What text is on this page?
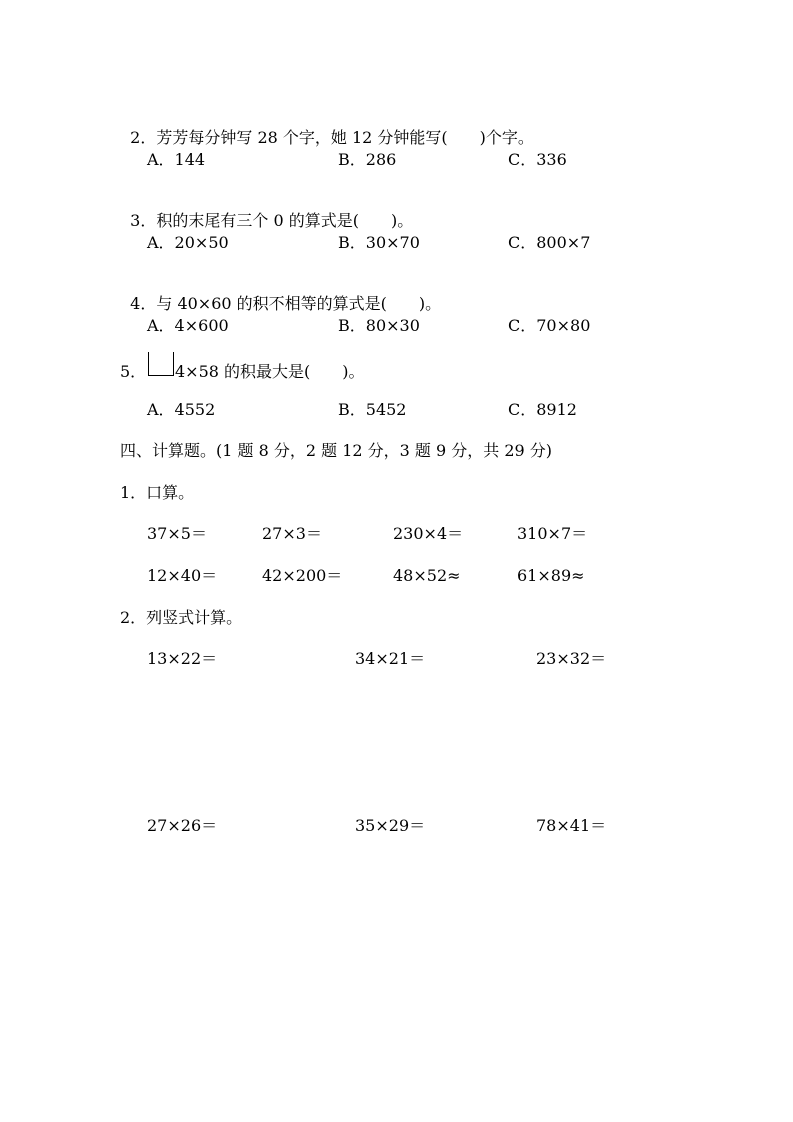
2．芳芳每分钟写 28 个字，她 12 分钟能写(　　)个字。

A．144	B．286	C．336

3．积的末尾有三个 0 的算式是(　　)。

A．20×50	B．30×70	C．800×7

4．与 40×60 的积不相等的算式是(　　)。

A．4×600	B．80×30	C．70×80
5． 4×58 的积最大是(　　)。
A．4552	B．5452	C．8912
四、计算题。(1 题 8 分，2 题 12 分，3 题 9 分，共 29 分)
1．口算。
37×5＝	27×3＝	230×4＝	310×7＝
12×40＝	42×200＝	48×52≈	61×89≈
2．列竖式计算。
13×22＝	34×21＝	23×32＝
27×26＝	35×29＝	78×41＝
